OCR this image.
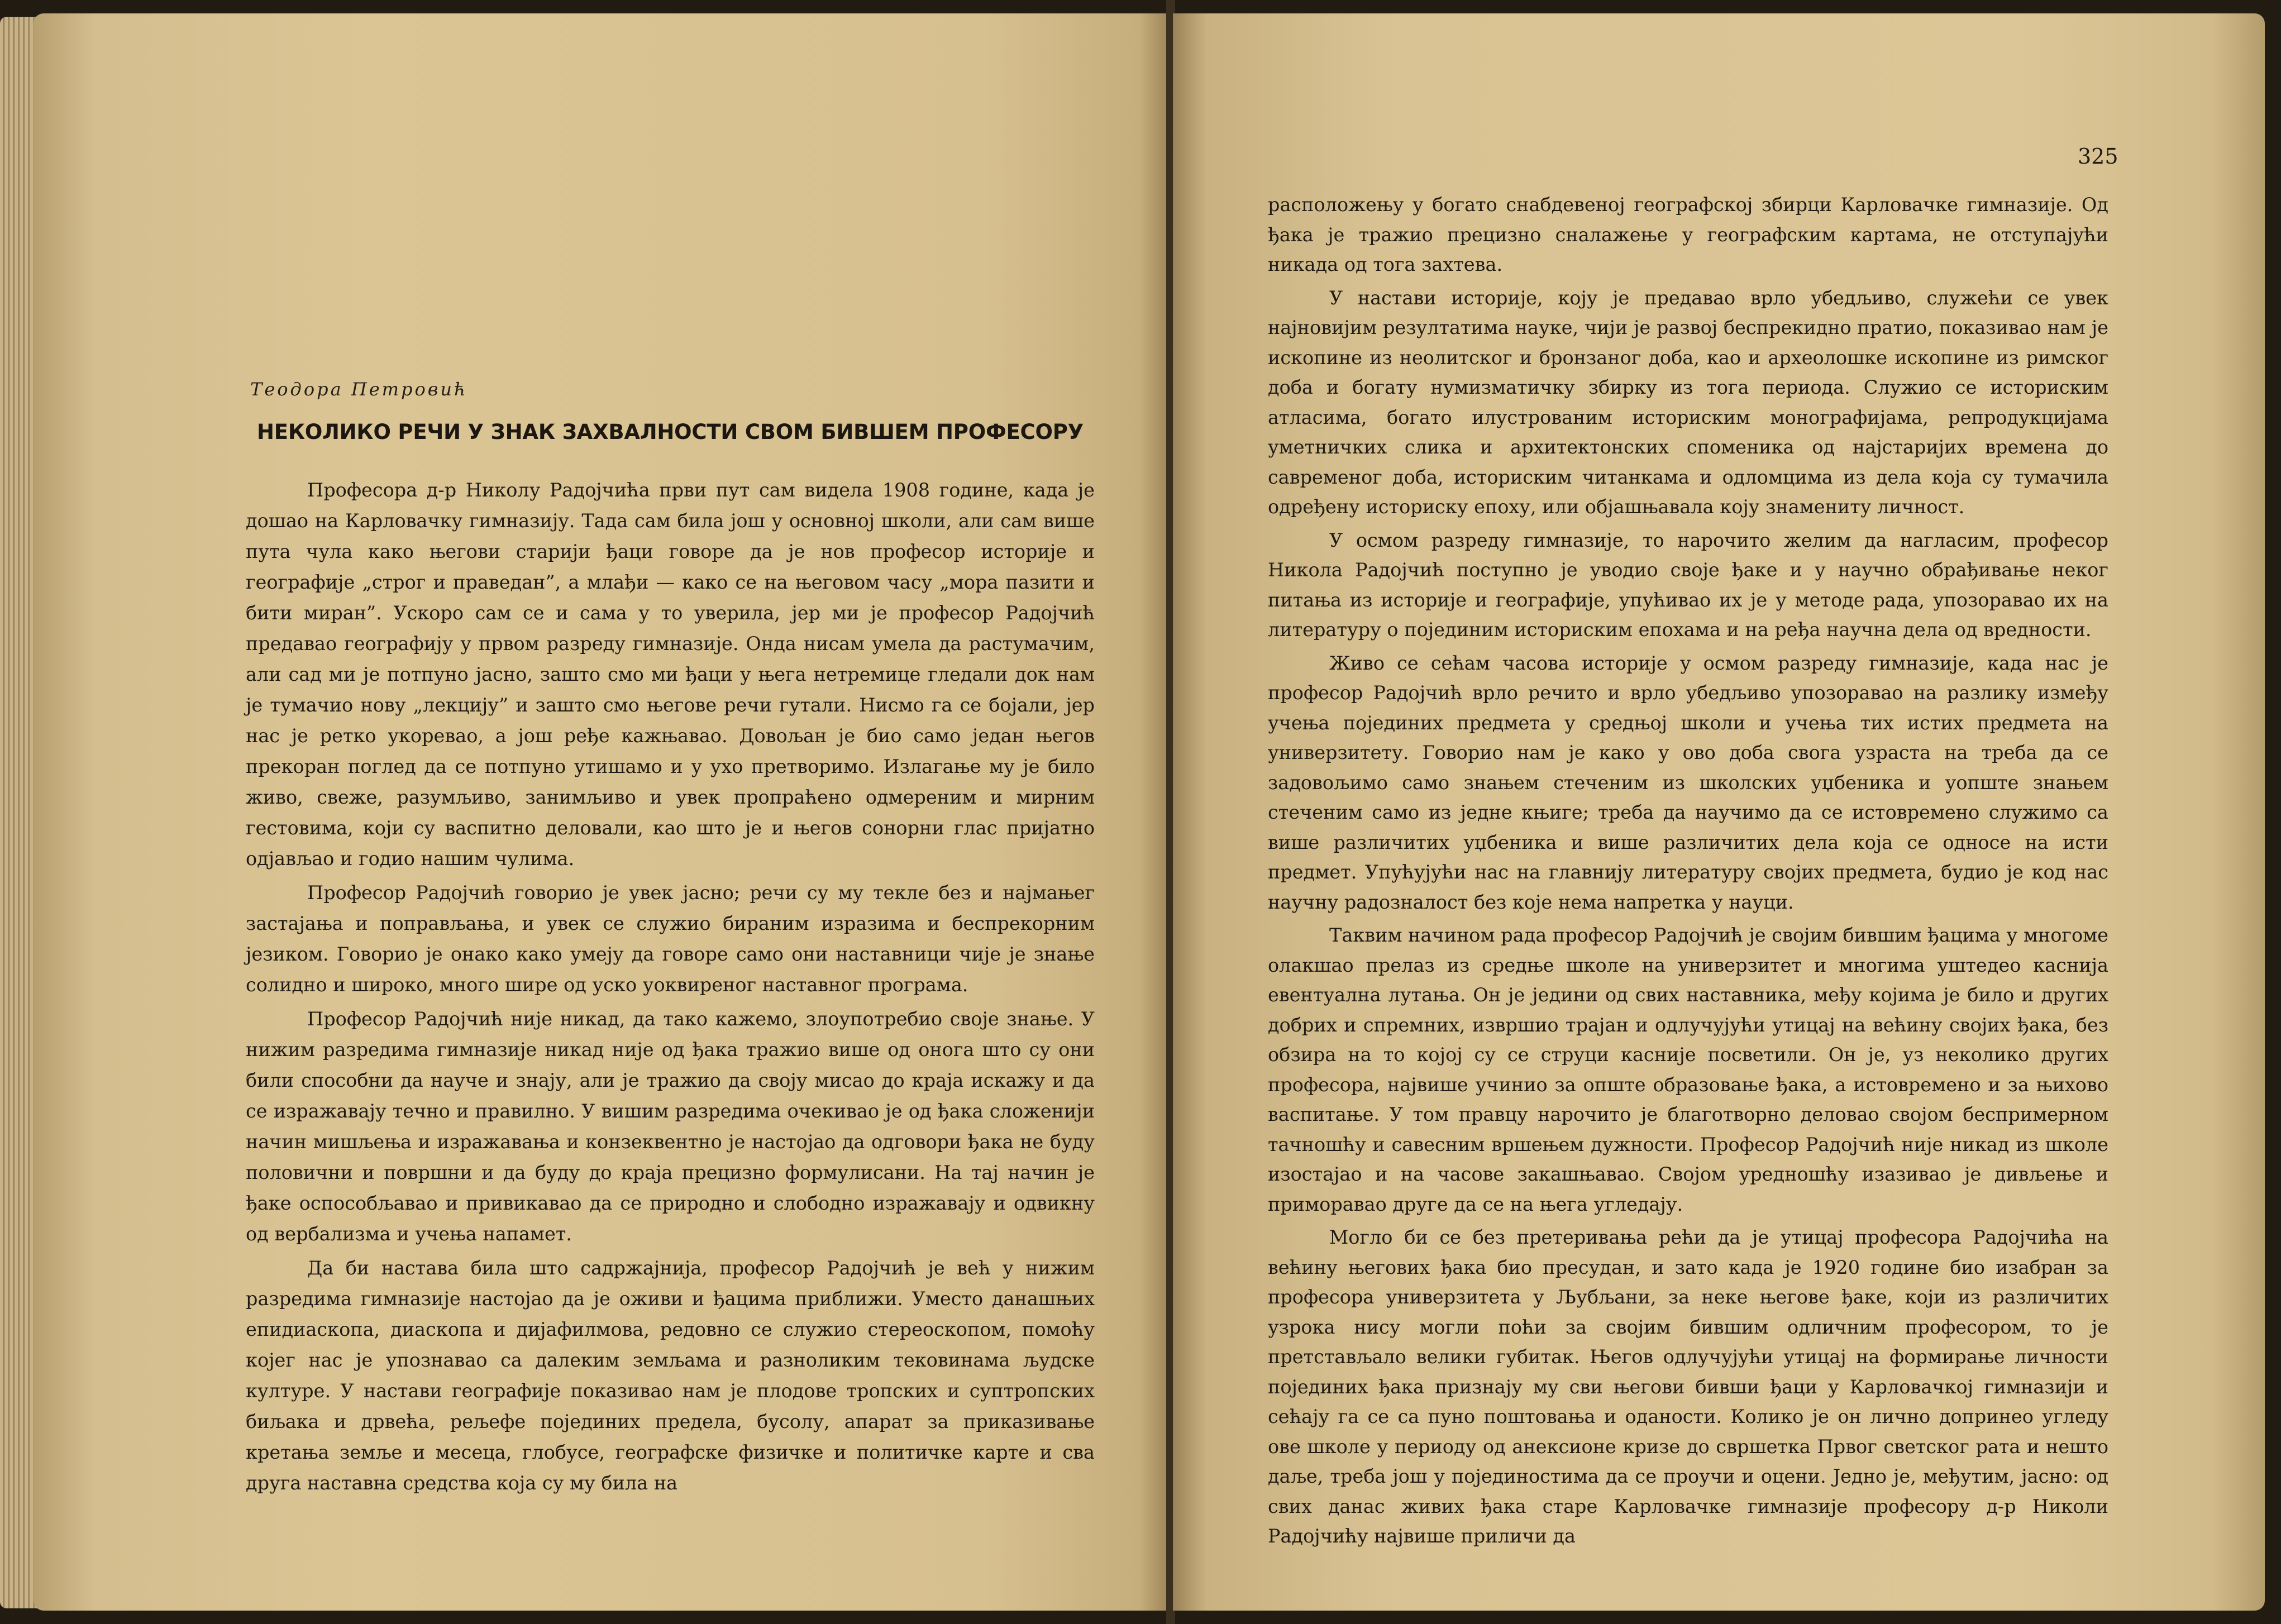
Теодора Петровић
НЕКОЛИКО РЕЧИ У ЗНАК ЗАХВАЛНОСТИ СВОМ БИВШЕМ ПРОФЕСОРУ

Професора д-р Николу Радојчића први пут сам видела 1908 године, када је дошао на Карловачку гимназију. Тада сам била још у основној школи, али сам више пута чула како његови старији ђаци говоре да је нов професор историје и географије „строг и праведан”, а млађи — како се на његовом часу „мора пазити и бити миран”. Ускоро сам се и сама у то уверила, јер ми је професор Радојчић предавао географију у првом разреду гимназије. Онда нисам умела да растумачим, али сад ми је потпуно јасно, зашто смо ми ђаци у њега нетремице гледали док нам је тумачио нову „лекцију” и зашто смо његове речи гутали. Нисмо га се бојали, јер нас је ретко укоревао, а још ређе кажњавао. Довољан је био само један његов прекоран поглед да се потпуно утишамо и у ухо претворимо. Излагање му је било живо, свеже, разумљиво, занимљиво и увек пропраћено одмереним и мирним гестовима, који су васпитно деловали, као што је и његов сонорни глас пријатно одјављао и годио нашим чулима.

Професор Радојчић говорио је увек јасно; речи су му текле без и најмањег застајања и поправљања, и увек се служио бираним изразима и беспрекорним језиком. Говорио је онако како умеју да говоре само они наставници чије је знање солидно и широко, много шире од уско уоквиреног наставног програма.

Професор Радојчић није никад, да тако кажемо, злоупотребио своје знање. У нижим разредима гимназије никад није од ђака тражио више од онога што су они били способни да науче и знају, али је тражио да своју мисао до краја искажу и да се изражавају течно и правилно. У вишим разредима очекивао је од ђака сложенији начин мишљења и изражавања и конзеквентно је настојао да одговори ђака не буду половични и површни и да буду до краја прецизно формулисани. На тај начин је ђаке оспособљавао и привикавао да се природно и слободно изражавају и одвикну од вербализма и учења напамет.

Да би настава била што садржајнија, професор Радојчић је већ у нижим разредима гимназије настојао да је оживи и ђацима приближи. Уместо данашњих епидиаскопа, диаскопа и дијафилмова, редовно се служио стереоскопом, помоћу којег нас је упознавао са далеким земљама и разноликим тековинама људске културе. У настави географије показивао нам је плодове тропских и суптропских биљака и дрвећа, рељефе појединих предела, бусолу, апарат за приказивање кретања земље и месеца, глобусе, географске физичке и политичке карте и сва друга наставна средства која су му била на

325

расположењу у богато снабдевеној географској збирци Карловачке гимназије. Од ђака је тражио прецизно сналажење у географским картама, не отступајући никада од тога захтева.

У настави историје, коју је предавао врло убедљиво, служећи се увек најновијим резултатима науке, чији је развој беспрекидно пратио, показивао нам је ископине из неолитског и бронзаног доба, као и археолошке ископине из римског доба и богату нумизматичку збирку из тога периода. Служио се историским атласима, богато илустрованим историским монографијама, репродукцијама уметничких слика и архитектонских споменика од најстаријих времена до савременог доба, историским читанкама и одломцима из дела која су тумачила одређену историску епоху, или објашњавала коју знамениту личност.

У осмом разреду гимназије, то нарочито желим да нагласим, професор Никола Радојчић поступно је уводио своје ђаке и у научно обрађивање неког питања из историје и географије, упућивао их је у методе рада, упозоравао их на литературу о појединим историским епохама и на ређа научна дела од вредности.

Живо се сећам часова историје у осмом разреду гимназије, када нас је професор Радојчић врло речито и врло убедљиво упозоравао на разлику између учења појединих предмета у средњој школи и учења тих истих предмета на универзитету. Говорио нам је како у ово доба свога узраста на треба да се задовољимо само знањем стеченим из школских уџбеника и уопште знањем стеченим само из једне књиге; треба да научимо да се истовремено служимо са више различитих уџбеника и више различитих дела која се односе на исти предмет. Упућујући нас на главнију литературу својих предмета, будио је код нас научну радозналост без које нема напретка у науци.

Таквим начином рада професор Радојчић је својим бившим ђацима у многоме олакшао прелаз из средње школе на универзитет и многима уштедео каснија евентуална лутања. Он је једини од свих наставника, међу којима је било и других добрих и спремних, извршио трајан и одлучујући утицај на већину својих ђака, без обзира на то којој су се струци касније посветили. Он је, уз неколико других професора, највише учинио за опште образовање ђака, а истовремено и за њихово васпитање. У том правцу нарочито је благотворно деловао својом беспримерном тачношћу и савесним вршењем дужности. Професор Радојчић није никад из школе изостајао и на часове закашњавао. Својом уредношћу изазивао је дивљење и приморавао друге да се на њега угледају.

Могло би се без претеривања рећи да је утицај професора Радојчића на већину његових ђака био пресудан, и зато када је 1920 године био изабран за професора универзитета у Љубљани, за неке његове ђаке, који из различитих узрока нису могли поћи за својим бившим одличним професором, то је претстављало велики губитак. Његов одлучујући утицај на формирање личности појединих ђака признају му сви његови бивши ђаци у Карловачкој гимназији и сећају га се са пуно поштовања и оданости. Колико је он лично допринео угледу ове школе у периоду од анексионе кризе до свршетка Првог светског рата и нешто даље, треба још у појединостима да се проучи и оцени. Једно је, међутим, јасно: од свих данас живих ђака старе Карловачке гимназије професору д-р Николи Радојчићу највише приличи да
